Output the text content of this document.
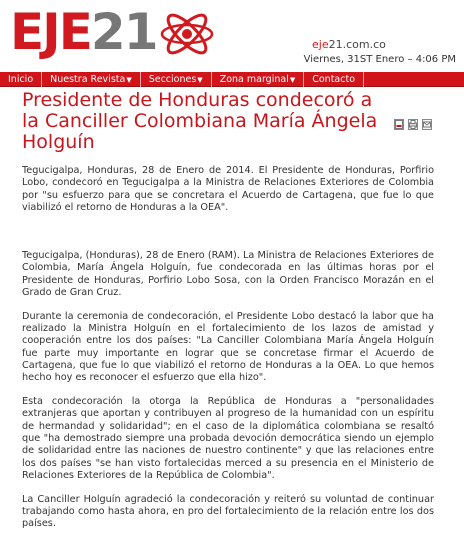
EJE 21	eje21.com.co
Viernes, 31ST Enero – 4:06 PM
Inicio	Nuestra Revista▼	Secciones▼	Zona marginal▼	Contacto
Presidente de Honduras condecoró a la Canciller Colombiana María Ángela Holguín

Tegucigalpa, Honduras, 28 de Enero de 2014. El Presidente de Honduras, Porfirio Lobo, condecoró en Tegucigalpa a la Ministra de Relaciones Exteriores de Colombia por "su esfuerzo para que se concretara el Acuerdo de Cartagena, que fue lo que viabilizó el retorno de Honduras a la OEA".

Tegucigalpa, (Honduras), 28 de Enero (RAM). La Ministra de Relaciones Exteriores de Colombia, María Ángela Holguín, fue condecorada en las últimas horas por el Presidente de Honduras, Porfirio Lobo Sosa, con la Orden Francisco Morazán en el Grado de Gran Cruz.

Durante la ceremonia de condecoración, el Presidente Lobo destacó la labor que ha realizado la Ministra Holguín en el fortalecimiento de los lazos de amistad y cooperación entre los dos países: "La Canciller Colombiana María Ángela Holguín fue parte muy importante en lograr que se concretase firmar el Acuerdo de Cartagena, que fue lo que viabilizó el retorno de Honduras a la OEA. Lo que hemos hecho hoy es reconocer el esfuerzo que ella hizo".

Esta condecoración la otorga la República de Honduras a "personalidades extranjeras que aportan y contribuyen al progreso de la humanidad con un espíritu de hermandad y solidaridad"; en el caso de la diplomática colombiana se resaltó que "ha demostrado siempre una probada devoción democrática siendo un ejemplo de solidaridad entre las naciones de nuestro continente" y que las relaciones entre los dos países "se han visto fortalecidas merced a su presencia en el Ministerio de Relaciones Exteriores de la República de Colombia".

La Canciller Holguín agradeció la condecoración y reiteró su voluntad de continuar trabajando como hasta ahora, en pro del fortalecimiento de la relación entre los dos países.
